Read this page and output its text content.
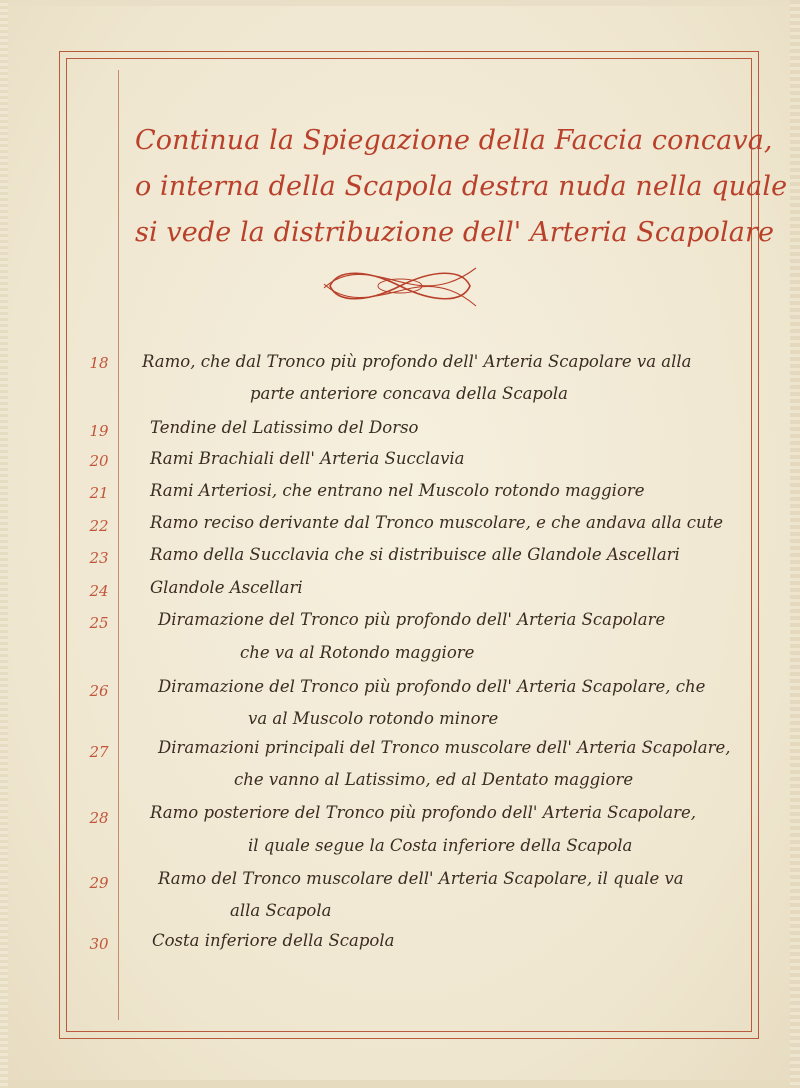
Continua la Spiegazione della Faccia concava,
o interna della Scapola destra nuda nella quale
si vede la distribuzione dell' Arteria Scapolare
18	Ramo, che dal Tronco più profondo dell' Arteria Scapolare va alla
parte anteriore concava della Scapola
19	Tendine del Latissimo del Dorso
20	Rami Brachiali dell' Arteria Succlavia
21	Rami Arteriosi, che entrano nel Muscolo rotondo maggiore
22	Ramo reciso derivante dal Tronco muscolare, e che andava alla cute
23	Ramo della Succlavia che si distribuisce alle Glandole Ascellari
24	Glandole Ascellari
25	Diramazione del Tronco più profondo dell' Arteria Scapolare
che va al Rotondo maggiore
26	Diramazione del Tronco più profondo dell' Arteria Scapolare, che
va al Muscolo rotondo minore
27	Diramazioni principali del Tronco muscolare dell' Arteria Scapolare,
che vanno al Latissimo, ed al Dentato maggiore
28	Ramo posteriore del Tronco più profondo dell' Arteria Scapolare,
il quale segue la Costa inferiore della Scapola
29	Ramo del Tronco muscolare dell' Arteria Scapolare, il quale va
alla Scapola
30	Costa inferiore della Scapola
